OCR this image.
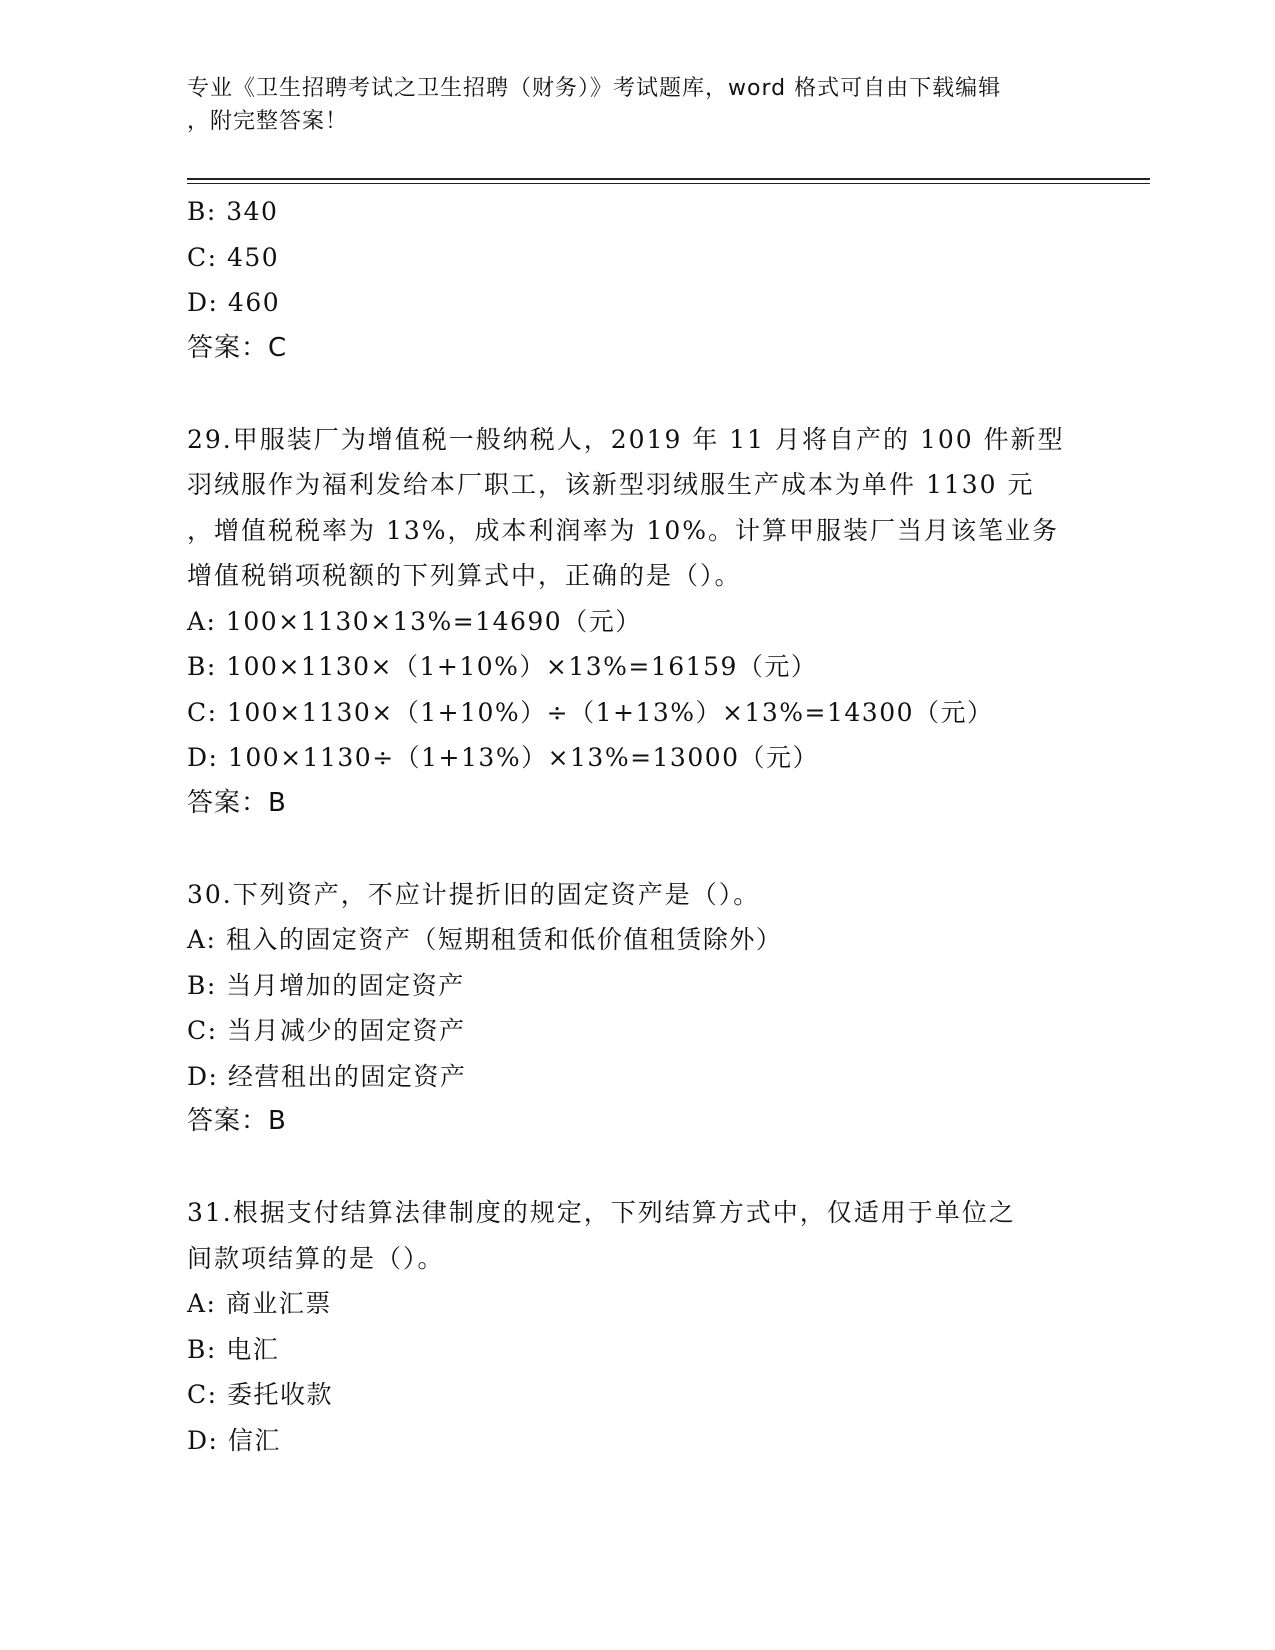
专业《卫生招聘考试之卫生招聘（财务）》考试题库，word 格式可自由下载编辑
，附完整答案！
B: 340
C: 450
D: 460
答案：C
29.甲服装厂为增值税一般纳税人，2019 年 11 月将自产的 100 件新型
羽绒服作为福利发给本厂职工，该新型羽绒服生产成本为单件 1130 元
，增值税税率为 13%，成本利润率为 10%。计算甲服装厂当月该笔业务
增值税销项税额的下列算式中，正确的是（）。
A: 100×1130×13%=14690（元）
B: 100×1130×（1+10%）×13%=16159（元）
C: 100×1130×（1+10%）÷（1+13%）×13%=14300（元）
D: 100×1130÷（1+13%）×13%=13000（元）
答案：B
30.下列资产，不应计提折旧的固定资产是（）。
A: 租入的固定资产（短期租赁和低价值租赁除外）
B: 当月增加的固定资产
C: 当月减少的固定资产
D: 经营租出的固定资产
答案：B
31.根据支付结算法律制度的规定，下列结算方式中，仅适用于单位之
间款项结算的是（）。
A: 商业汇票
B: 电汇
C: 委托收款
D: 信汇
